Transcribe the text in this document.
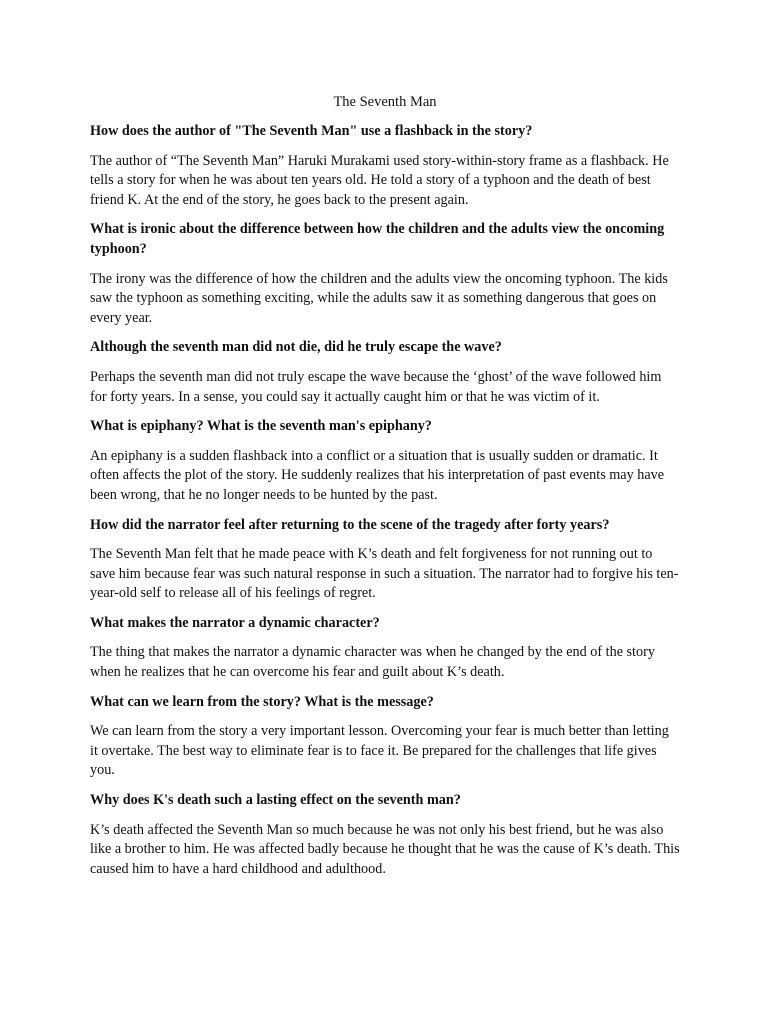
The Seventh Man

How does the author of "The Seventh Man" use a flashback in the story?

The author of “The Seventh Man” Haruki Murakami used story-within-story frame as a flashback. He tells a story for when he was about ten years old. He told a story of a typhoon and the death of best friend K. At the end of the story, he goes back to the present again.

What is ironic about the difference between how the children and the adults view the oncoming typhoon?

The irony was the difference of how the children and the adults view the oncoming typhoon. The kids saw the typhoon as something exciting, while the adults saw it as something dangerous that goes on every year.

Although the seventh man did not die, did he truly escape the wave?

Perhaps the seventh man did not truly escape the wave because the ‘ghost’ of the wave followed him for forty years. In a sense, you could say it actually caught him or that he was victim of it.

What is epiphany? What is the seventh man's epiphany?

An epiphany is a sudden flashback into a conflict or a situation that is usually sudden or dramatic. It often affects the plot of the story. He suddenly realizes that his interpretation of past events may have been wrong, that he no longer needs to be hunted by the past.

How did the narrator feel after returning to the scene of the tragedy after forty years?

The Seventh Man felt that he made peace with K’s death and felt forgiveness for not running out to save him because fear was such natural response in such a situation. The narrator had to forgive his ten-year-old self to release all of his feelings of regret.

What makes the narrator a dynamic character?

The thing that makes the narrator a dynamic character was when he changed by the end of the story when he realizes that he can overcome his fear and guilt about K’s death.

What can we learn from the story? What is the message?

We can learn from the story a very important lesson. Overcoming your fear is much better than letting it overtake. The best way to eliminate fear is to face it. Be prepared for the challenges that life gives you.

Why does K's death such a lasting effect on the seventh man?

K’s death affected the Seventh Man so much because he was not only his best friend, but he was also like a brother to him. He was affected badly because he thought that he was the cause of K’s death. This caused him to have a hard childhood and adulthood.
